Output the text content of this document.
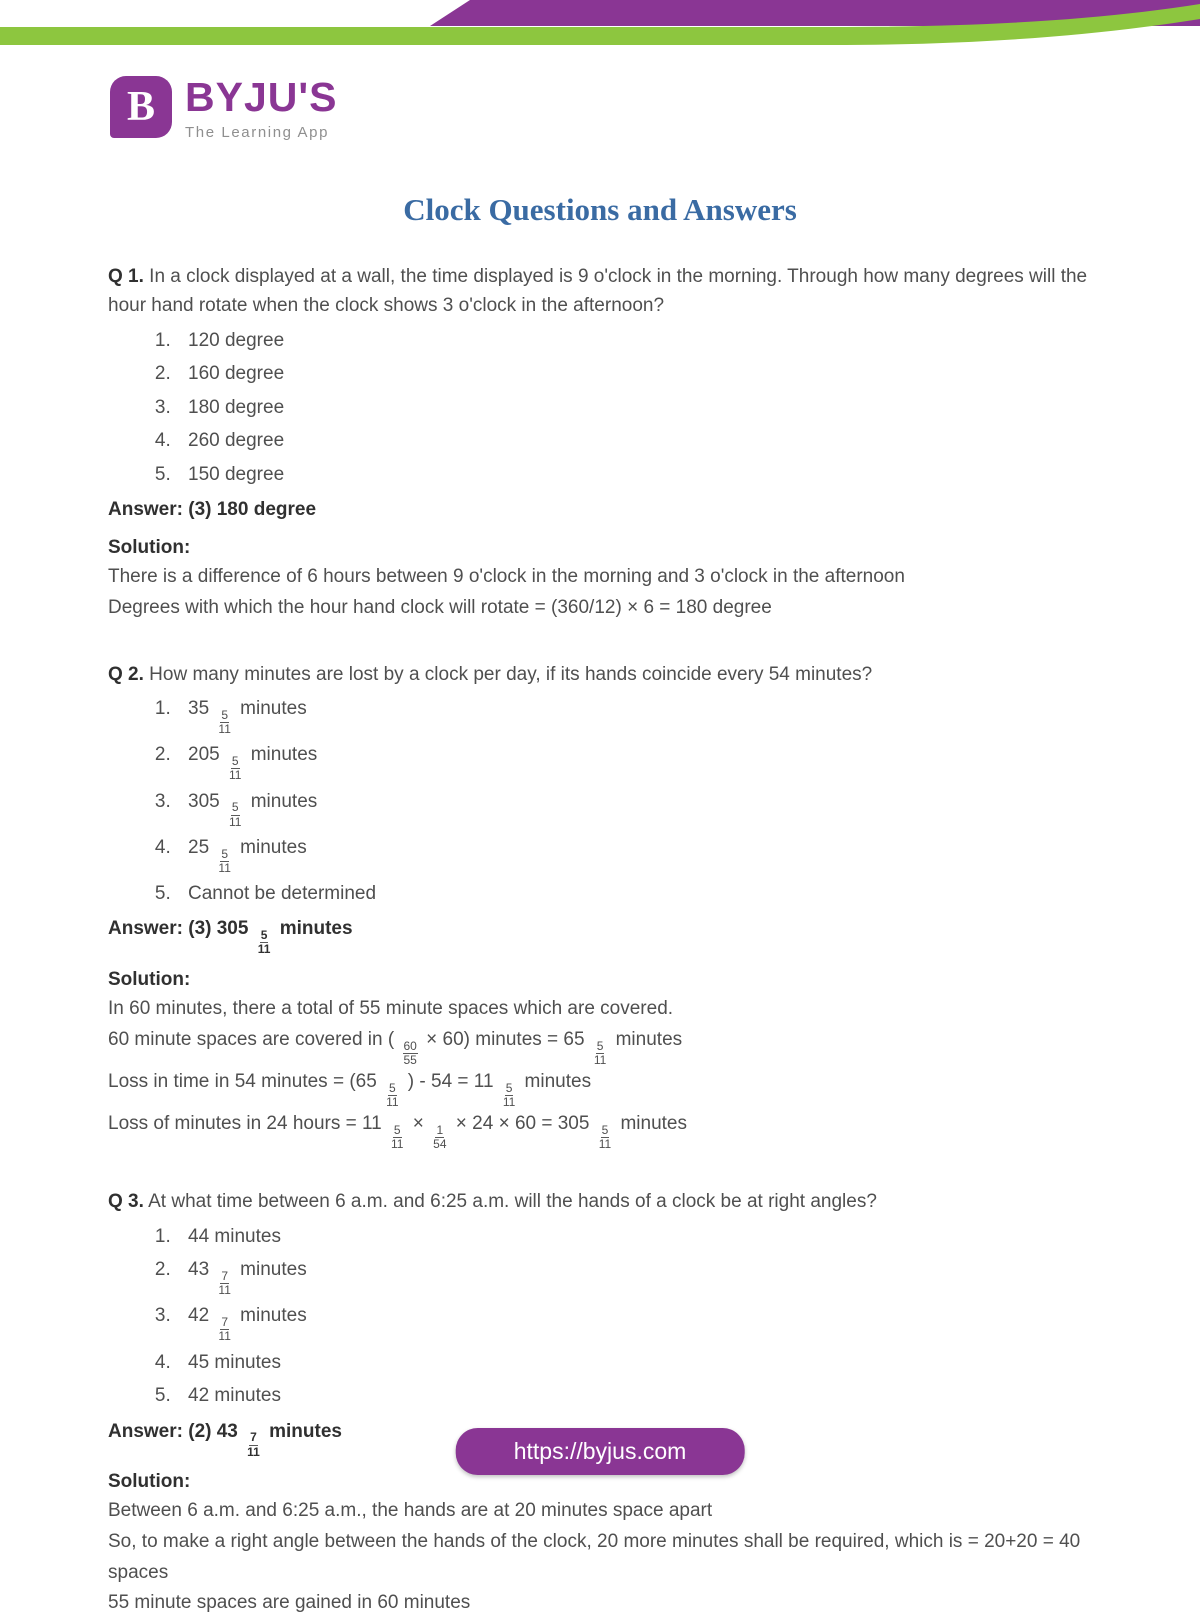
B BYJU'S
The Learning App
Clock Questions and Answers

Q 1. In a clock displayed at a wall, the time displayed is 9 o'clock in the morning. Through how many degrees will the hour hand rotate when the clock shows 3 o'clock in the afternoon?

1. 120 degree
2. 160 degree
3. 180 degree
4. 260 degree
5. 150 degree

Answer: (3) 180 degree

Solution:

There is a difference of 6 hours between 9 o'clock in the morning and 3 o'clock in the afternoon

Degrees with which the hour hand clock will rotate = (360/12) × 6 = 180 degree

Q 2. How many minutes are lost by a clock per day, if its hands coincide every 54 minutes?

1. 35
$\frac{5}{11}$
minutes
2. 205
$\frac{5}{11}$
minutes
3. 305
$\frac{5}{11}$
minutes
4. 25
$\frac{5}{11}$
minutes
5. Cannot be determined

Answer: (3) 305
$\frac{5}{11}$
minutes

Solution:

In 60 minutes, there a total of 55 minute spaces which are covered.

60 minute spaces are covered in (
$\frac{60}{55}$
× 60) minutes = 65
$\frac{5}{11}$
minutes

Loss in time in 54 minutes = (65
$\frac{5}{11}$
) - 54 = 11
$\frac{5}{11}$
minutes

Loss of minutes in 24 hours = 11
$\frac{5}{11}$
×
$\frac{1}{54}$
× 24 × 60 = 305
$\frac{5}{11}$
minutes

Q 3. At what time between 6 a.m. and 6:25 a.m. will the hands of a clock be at right angles?

1. 44 minutes
2. 43
$\frac{7}{11}$
minutes
3. 42
$\frac{7}{11}$
minutes
4. 45 minutes
5. 42 minutes

Answer: (2) 43
$\frac{7}{11}$
minutes

Solution:

Between 6 a.m. and 6:25 a.m., the hands are at 20 minutes space apart

So, to make a right angle between the hands of the clock, 20 more minutes shall be required, which is = 20+20 = 40 spaces

55 minute spaces are gained in 60 minutes

https://byjus.com
